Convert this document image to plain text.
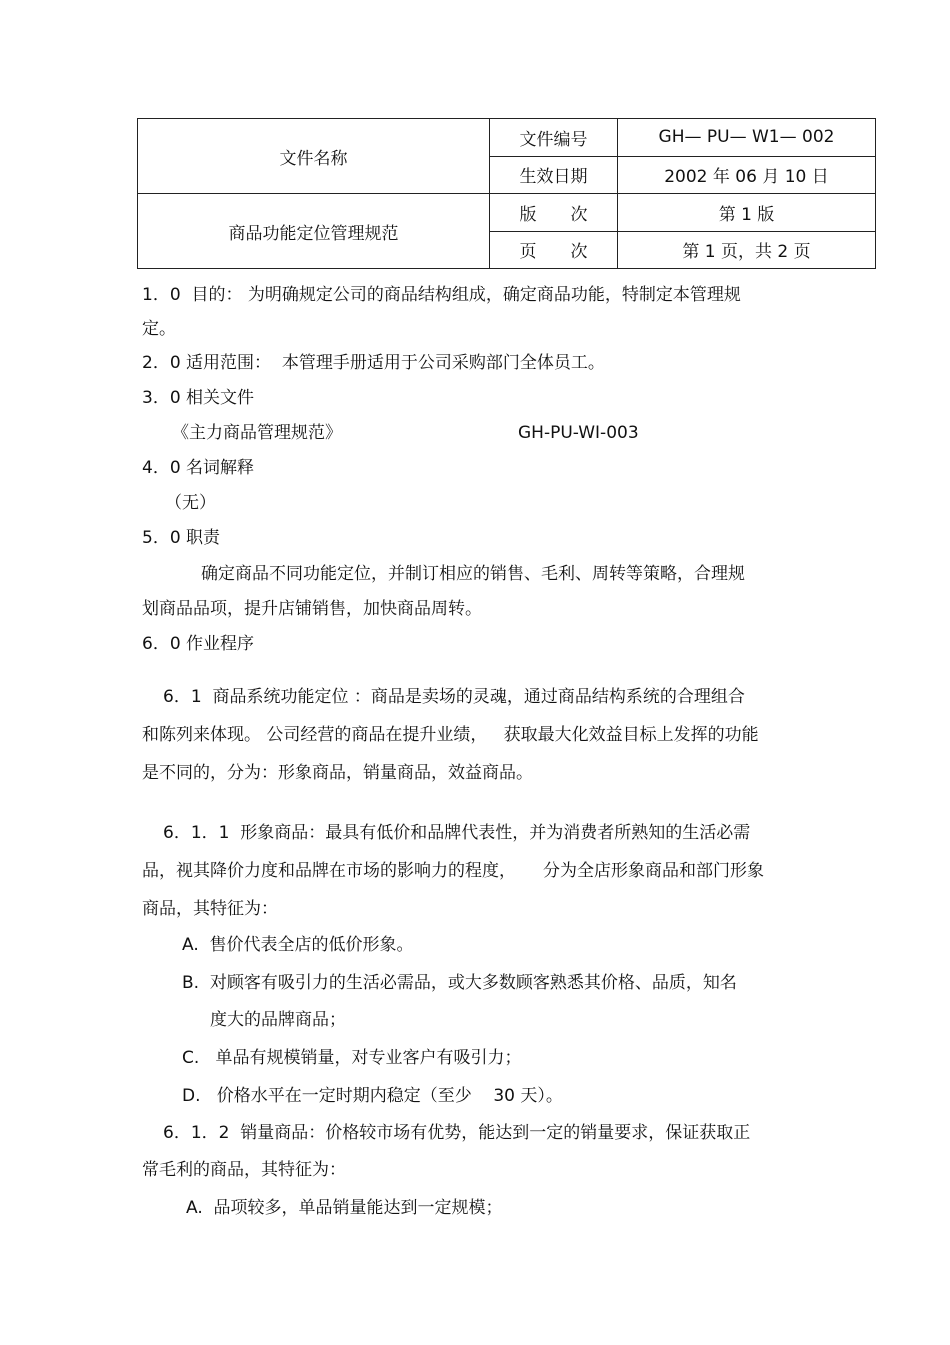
文件名称	文件编号	GH— PU— W1— 002
	生效日期	2002 年 06 月 10 日
商品功能定位管理规范	版　　次	第 1 版
	页　　次	第 1 页，共 2 页
1．0  目的： 为明确规定公司的商品结构组成，确定商品功能，特制定本管理规
定。
2．0 适用范围：  本管理手册适用于公司采购部门全体员工。
3．0 相关文件
《主力商品管理规范》	GH-PU-WI-003
4．0 名词解释
（无）
5．0 职责
确定商品不同功能定位，并制订相应的销售、毛利、周转等策略，合理规
划商品品项，提升店铺销售，加快商品周转。
6．0 作业程序
6．1  商品系统功能定位 ：商品是卖场的灵魂，通过商品结构系统的合理组合
和陈列来体现。 公司经营的商品在提升业绩，   获取最大化效益目标上发挥的功能
是不同的，分为：形象商品，销量商品，效益商品。
6．1．1  形象商品：最具有低价和品牌代表性，并为消费者所熟知的生活必需
品，视其降价力度和品牌在市场的影响力的程度，     分为全店形象商品和部门形象
商品，其特征为：
A.  售价代表全店的低价形象。
B.  对顾客有吸引力的生活必需品，或大多数顾客熟悉其价格、品质，知名
度大的品牌商品；
C.   单品有规模销量，对专业客户有吸引力；
D.   价格水平在一定时期内稳定（至少    30 天）。
6．1．2  销量商品：价格较市场有优势，能达到一定的销量要求，保证获取正
常毛利的商品，其特征为：
A.  品项较多，单品销量能达到一定规模；
